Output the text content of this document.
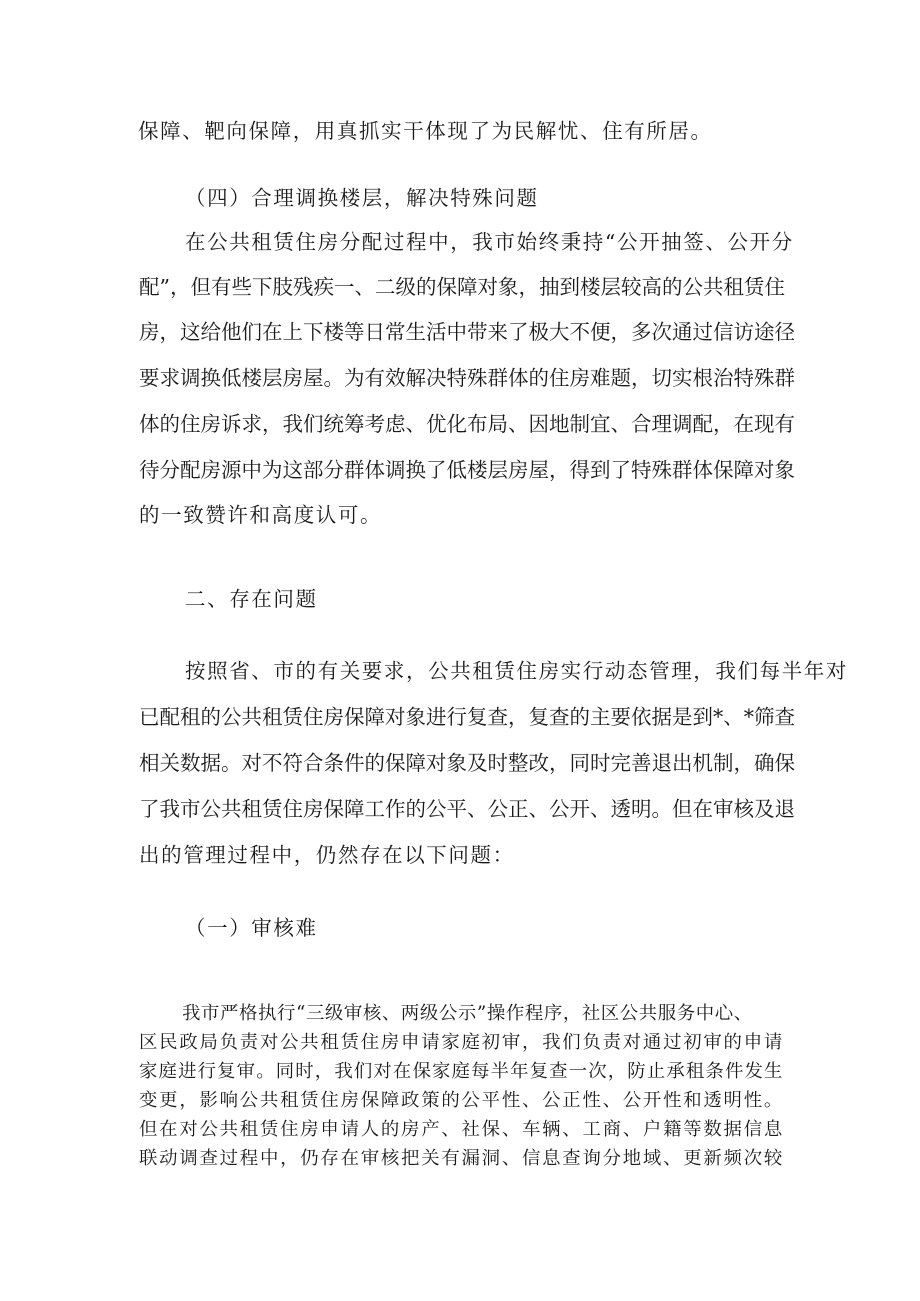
保障、靶向保障，用真抓实干体现了为民解忧、住有所居。
（四）合理调换楼层，解决特殊问题
在公共租赁住房分配过程中，我市始终秉持“公开抽签、公开分
配 ” ， 但 有 些 下 肢 残 疾 一 、 二 级 的 保 障 对 象 ， 抽 到 楼 层 较 高 的 公 共 租 赁 住
房 ， 这 给 他 们 在 上 下 楼 等 日 常 生 活 中 带 来 了 极 大 不 便 ， 多 次 通 过 信 访 途 径
要 求 调 换 低 楼 层 房 屋 。 为 有 效 解 决 特 殊 群 体 的 住 房 难 题 ， 切 实 根 治 特 殊 群
体 的 住 房 诉 求 ， 我 们 统 筹 考 虑 、 优 化 布 局 、 因 地 制 宜 、 合 理 调 配 ， 在 现 有
待 分 配 房 源 中 为 这 部 分 群 体 调 换 了 低 楼 层 房 屋 ， 得 到 了 特 殊 群 体 保 障 对 象
的一致赞许和高度认可。
二、存在问题
按照省、市的有关要求，公共租赁住房实行动态管理，我们每半年对
已 配 租 的 公 共 租 赁 住 房 保 障 对 象 进 行 复 查 ， 复 查 的 主 要 依 据 是 到 * 、 * 筛 查
相 关 数 据 。 对 不 符 合 条 件 的 保 障 对 象 及 时 整 改 ， 同 时 完 善 退 出 机 制 ， 确 保
了 我 市 公 共 租 赁 住 房 保 障 工 作 的 公 平 、 公 正 、 公 开 、 透 明 。 但 在 审 核 及 退
出的管理过程中，仍然存在以下问题：
（一）审核难
我市严格执行“三级审核、两级公示”操作程序，社区公共服务中心、
区 民 政 局 负 责 对 公 共 租 赁 住 房 申 请 家 庭 初 审 ， 我 们 负 责 对 通 过 初 审 的 申 请
家 庭 进 行 复 审 。 同 时 ， 我 们 对 在 保 家 庭 每 半 年 复 查 一 次 ， 防 止 承 租 条 件 发 生
变 更 ， 影 响 公 共 租 赁 住 房 保 障 政 策 的 公 平 性 、 公 正 性 、 公 开 性 和 透 明 性 。
但 在 对 公 共 租 赁 住 房 申 请 人 的 房 产 、 社 保 、 车 辆 、 工 商 、 户 籍 等 数 据 信 息
联 动 调 查 过 程 中 ， 仍 存 在 审 核 把 关 有 漏 洞 、 信 息 查 询 分 地 域 、 更 新 频 次 较
